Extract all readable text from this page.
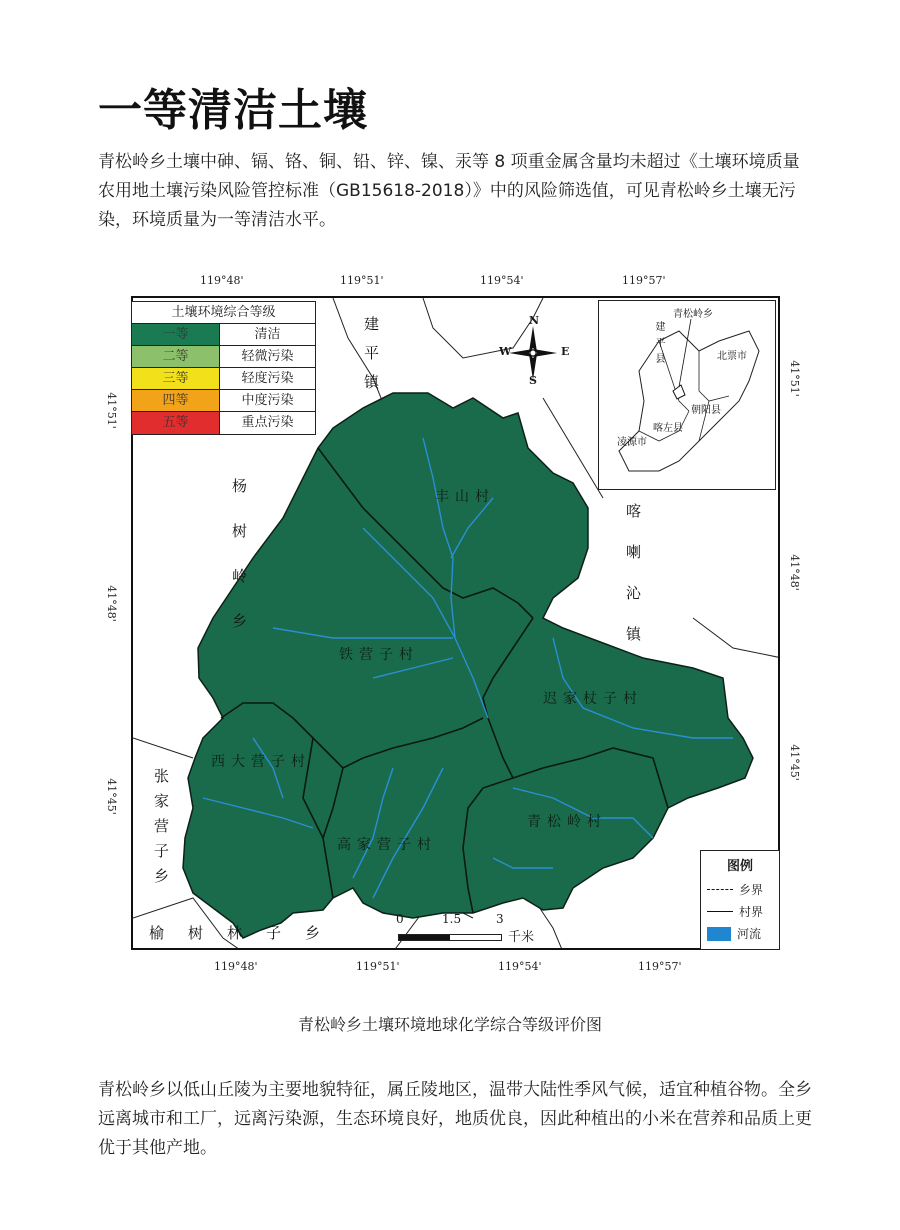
一等清洁土壤
青松岭乡土壤中砷、镉、铬、铜、铅、锌、镍、汞等 8 项重金属含量均未超过《土壤环境质量 农用地土壤污染风险管控标准（GB15618-2018）》中的风险筛选值，可见青松岭乡土壤无污染，环境质量为一等清洁水平。
119°48'	119°51'	119°54'	119°57'
119°48'	119°51'	119°54'	119°57'
41°51'
41°48'
41°45'
41°51'
41°48'
41°45'
N
S
W	E
建平镇
杨树岭乡	喀喇沁镇
张家营子乡
榆树林子乡
丰山村
铁营子村
迟家杖子村
西大营子村
高家营子村
青松岭村
土壤环境综合等级
一等	清洁
二等	轻微污染
三等	轻度污染
四等	中度污染
五等	重点污染
青松岭乡
建平县	北票市
朝阳县
喀左县
凌源市
图例
乡界
村界
河流
0	1.5	3
千米
青松岭乡土壤环境地球化学综合等级评价图
青松岭乡以低山丘陵为主要地貌特征，属丘陵地区，温带大陆性季风气候，适宜种植谷物。全乡远离城市和工厂，远离污染源，生态环境良好，地质优良，因此种植出的小米在营养和品质上更优于其他产地。
